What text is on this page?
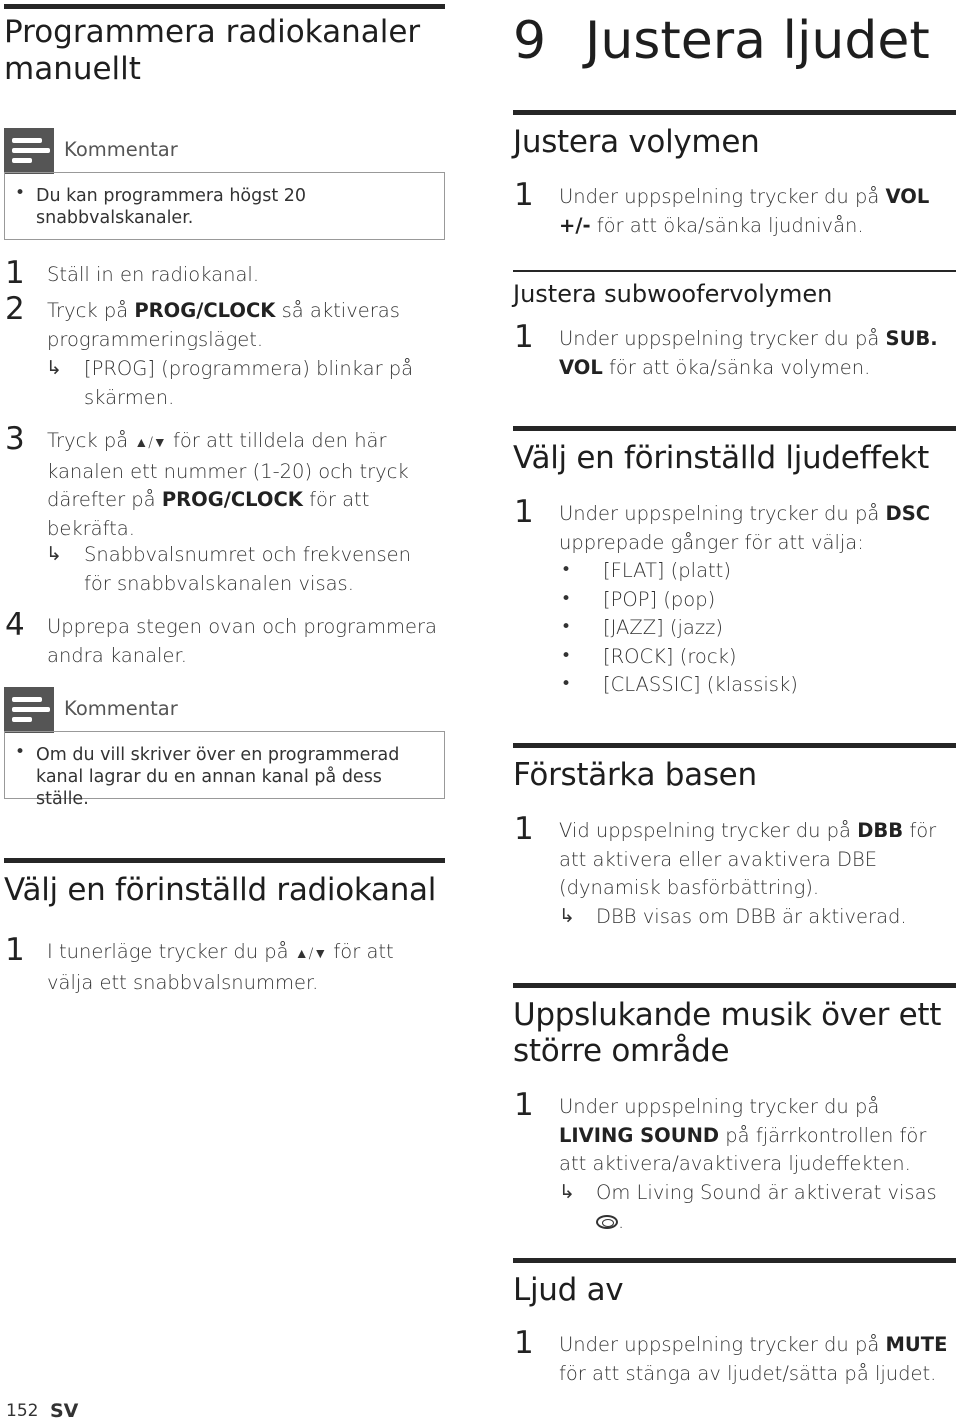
Programmera radiokanaler manuellt
Kommentar
• Du kan programmera högst 20 snabbvalskanaler.
1 Ställ in en radiokanal.
2 Tryck på PROG/CLOCK så aktiveras programmeringsläget.
↳ [PROG] (programmera) blinkar på skärmen.
3 Tryck på ▲/▼ för att tilldela den här kanalen ett nummer (1-20) och tryck därefter på PROG/CLOCK för att bekräfta.
↳ Snabbvalsnumret och frekvensen för snabbvalskanalen visas.
4 Upprepa stegen ovan och programmera andra kanaler.
Kommentar
• Om du vill skriver över en programmerad kanal lagrar du en annan kanal på dess ställe.
Välj en förinställd radiokanal
1 I tunerläge trycker du på ▲/▼ för att välja ett snabbvalsnummer.
9 Justera ljudet
Justera volymen
1 Under uppspelning trycker du på VOL +/- för att öka/sänka ljudnivån.
Justera subwoofervolymen
1 Under uppspelning trycker du på SUB. VOL för att öka/sänka volymen.
Välj en förinställd ljudeffekt
1 Under uppspelning trycker du på DSC upprepade gånger för att välja:
• [FLAT] (platt)
• [POP] (pop)
• [JAZZ] (jazz)
• [ROCK] (rock)
• [CLASSIC] (klassisk)
Förstärka basen
1 Vid uppspelning trycker du på DBB för att aktivera eller avaktivera DBE (dynamisk basförbättring).
↳ DBB visas om DBB är aktiverad.
Uppslukande musik över ett större område
1 Under uppspelning trycker du på LIVING SOUND på fjärrkontrollen för att aktivera/avaktivera ljudeffekten.
↳ Om Living Sound är aktiverat visas .
Ljud av
1 Under uppspelning trycker du på MUTE för att stänga av ljudet/sätta på ljudet.
152 SV
